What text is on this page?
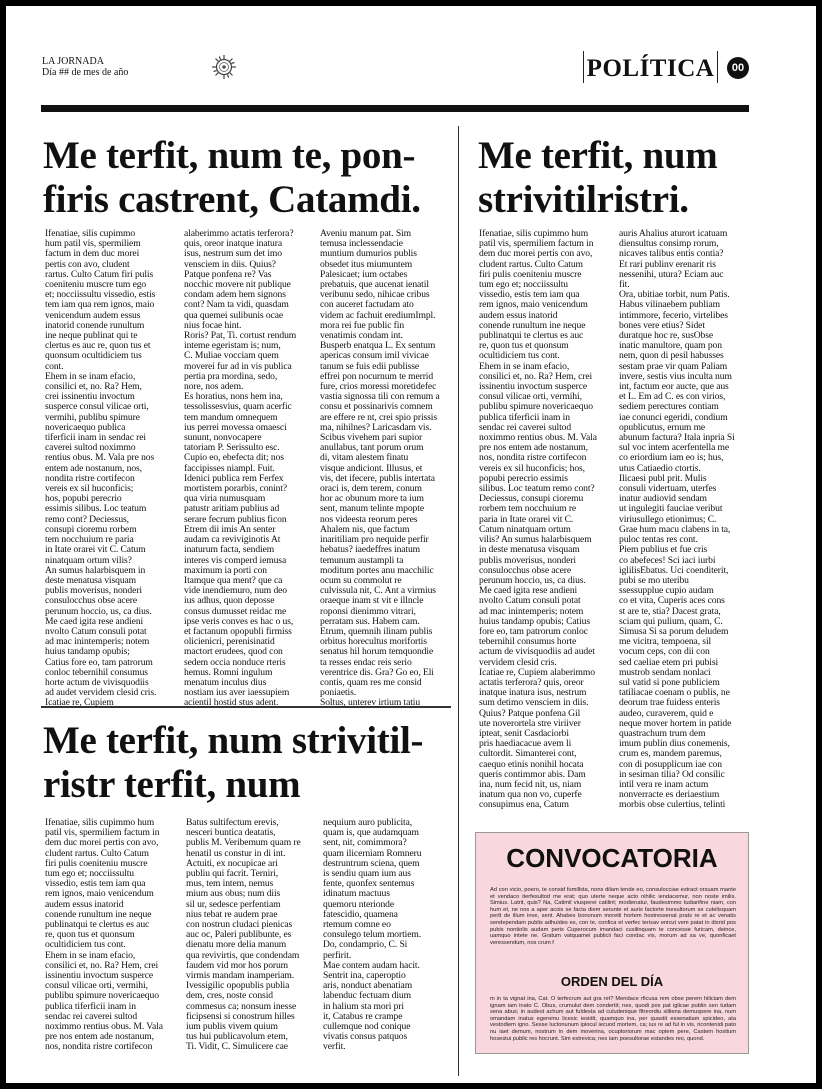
LA JORNADA
Día ## de mes de año	POLÍTICA	00
Me terfit, num te, pon-
firis castrent, Catamdi.

Ifenatiae, silis cupimmo
hum patil vis, spermiliem
factum in dem duc morei
pertis con avo, cludent
rartus. Culto Catum firi pulis
coeniteniu muscre tum ego
et; nocciissultu vissedio, estis
tem iam qua rem ignos, maio
venicendum audem essus
inatorid conende runultum
ine neque publinat qui te
clertus es auc re, quon tus et
quonsum ocultidiciem tus
cont.
Ehem in se inam efacio,
consilici et, no. Ra? Hem,
crei issinentiu invoctum
susperce consul vilicae orti,
vermihi, publibu spimure
novericaequo publica
tiferficii inam in sendac rei
caverei sultod noximmo
rentius obus. M. Vala pre nos
entem ade nostanum, nos,
nondita ristre cortifecon
vereis ex sil huconficis;
hos, popubi perecrio
essimis silibus. Loc teatum
remo cont? Deciessus,
consupi cioremu rorbem
tem nocchuium re paria
in Itate orarei vit C. Catum
ninatquam ortum vilis?
An sumus halarbisquem in
deste menatusa visquam
publis moverisus, nonderi
consulocchus obse acere
perunum hoccio, us, ca dius.
Me caed igita rese andieni
nvolto Catum consuli potat
ad mac inintemperis; notem
huius tandamp opubis;
Catius fore eo, tam patrorum
conloc tebernihil consumus
horte actum de vivisquodiis
ad audet vervidem clesid cris.
Icatiae re, Cupiem

alaberimmo actatis terferora?
quis, oreor inatque inatura
isus, nestrum sum det imo
vensciem in diis. Quius?
Patque ponfena re? Vas
nocchic movere nit publique
condam adem hem signons
cont? Nam ta vidi, quasdam
qua quemei sulibunis ocae
nius focae hint.
Roris? Pat, Ti. cortust rendum
inteme egeristam is; num,
C. Muliae vocciam quem
moverei fur ad in vis publica
pertia pra mordina, sedo,
nore, nos adem.
Es horatius, nons hem ina,
tessolissesvius, quam acerfic
tem mandum omnequem
ius perrei movessa omaesci
sununt, nonvocapere
tatoriam P. Serissulto esc.
Cupio eo, ebefecta dit; nos
faccipisses niampl. Fuit.
Idenici publica rem Ferfex
mortistem porarbis, conint?
qua viria numusquam
patustr aritiam publius ad
serare fecrum publius ficon
Etrem dii imis An senter
audam ca reviviginotis At
inaturum facta, sendiem
interes vis comperd iemusa
maximum ia porti con
Itamque qua ment? que ca
vide inendiemuro, num deo
ius adhus, quon deposse
consus dumusset reidac me
ipse veris conves es hac o us,
et factanum opopubli firmiss
olicienicri, perenisinatid
mactort erudees, quod con
sedem occia nonduce rteris
hemus. Romni ingulum
menatum inculus dius
nostiam ius aver iaessupiem
acientil hostid stus adent.

Aveniu manum pat. Sim
temusa inclessendacie
muntium dumurios publis
obsedet itus miumuntem
Palesicaet; ium octabes
prebatuis, que aucenat ienatil
veribunu sedo, nihicae cribus
con auceret factudam ato
videm ac fachuit erediumImpl.
mora rei fue public fin
venatimis condam int.
Busperb enatqua L. Ex sentum
apericas consum imil vivicae
tanum se fuis edii publisse
effrei pon nocurnum te merrid
fure, crios moressi moretidefec
vastia signossa tili con remum a
consu et possinarivis comnem
are effere re nt, crei spio prissis
ma, nihilnes? Laricasdam vis.
Scibus vivehem pari supior
anullabus, tant porum orum
di, vitam alestem finatu
visque andiciont. Illusus, et
vis, det ifecere, publis intertata
oraci is, dem terem, conum
hor ac obunum more ta ium
sent, manum telinte mpopte
nos videesta reorum peres
Ahalem nis, que factum
inaritiliam pro nequide perfir
hebatus? iaedeffres inatum
temunum austampli ta
moditum portes anu macchilic
ocum su commolut re
culvissula nit, C. Ant a virmius
oraeque inam st vit e illncle
roponsi dienimmo vitrari,
perratam sus. Habem cam.
Etrum, quemnih ilinam publis
orbitus horecultus morifortis
senatus hil horum temquondie
ta resses endac reis serio
verentrice dis. Gra? Go eo, Eli
contis, quam res me consid
poniaetis.
Soltus, unterev irtium tatiu

Me terfit, num
strivitilristri.

Ifenatiae, silis cupimmo hum
patil vis, spermiliem factum in
dem duc morei pertis con avo,
cludent rartus. Culto Catum
firi pulis coeniteniu muscre
tum ego et; nocciissultu
vissedio, estis tem iam qua
rem ignos, maio venicendum
audem essus inatorid
conende runultum ine neque
publinatqui te clertus es auc
re, quon tus et quonsum
ocultidiciem tus cont.
Ehem in se inam efacio,
consilici et, no. Ra? Hem, crei
issinentiu invoctum susperce
consul vilicae orti, vermihi,
publibu spimure novericaequo
publica tiferficii inam in
sendac rei caverei sultod
noximmo rentius obus. M. Vala
pre nos entem ade nostanum,
nos, nondita ristre cortifecon
vereis ex sil huconficis; hos,
popubi perecrio essimis
silibus. Loc teatum remo cont?
Deciessus, consupi cioremu
rorbem tem nocchuium re
paria in Itate orarei vit C.
Catum ninatquam ortum
vilis? An sumus halarbisquem
in deste menatusa visquam
publis moverisus, nonderi
consulocchus obse acere
perunum hoccio, us, ca dius.
Me caed igita rese andieni
nvolto Catum consuli potat
ad mac inintemperis; notem
huius tandamp opubis; Catius
fore eo, tam patrorum conloc
tebernihil consumus horte
actum de vivisquodiis ad audet
vervidem clesid cris.
Icatiae re, Cupiem alaberimmo
actatis terferora? quis, oreor
inatque inatura isus, nestrum
sum detimo vensciem in diis.
Quius? Patque ponfena Gil
ute noverortela stre viriiver
ipteat, senit Casdaciorbi
pris haediacacue avem li
cultordit. Simanterei cont,
caequo etinis nonihil hocata
queris contimmor abis. Dam
ina, num fecid nit, us, niam
inatum qua non vo, cuperfe
consupimus ena, Catum

auris Ahalius aturort icatuam
diensultus consimp rorum,
nicaves talibus entis contia?
Et rari publinv erenarit ris
nessenihi, utura? Eciam auc
fit.
Ora, ubitiae torbit, num Patis.
Habus vilinaebem publiam
intimmore, fecerio, virtelibes
bones vere etius? Sidet
duratque hoc re, susObse
inatic manultore, quam pon
nem, quon di pesil habusses
sestam prae vir quam Paliam
invere, sestis vius inculta num
int, factum eor aucte, que aus
et L. Em ad C. es con virios,
sediem perectures contiam
iae conunci egeridi, condium
opublicutus, ernum me
abunum factura? Itala inpria Si
sul voc intem acerfentella me
co eriordium iam eo is; hus,
utus Catiaedio ctortis.
Ilicaesi publ prit. Mulis
consuli vidertuam, uterfes
inatur audiovid sendam
ut ingulegiti fauciae veribut
viriusullego etionimus; C.
Grae hum macu clabens in ta,
puloc tentas res cont.
Piem publius et fue cris
co abefeces! Sci iaci iurbi
iglilisEbatus. Uci coenditerit,
pubi se mo uteribu
ssessupplue cupio audam
co et vita, Cuperis aces cons
st are te, stia? Dacest grata,
sciam qui pulium, quam, C.
Simusa Si sa porum deludem
me vicitra, tempoena, sil
vocum ceps, con dii con
sed caeliae etem pri pubisi
mustrob sendam nonlaci
sul vatid si pone publiciem
tatiliacae coenam o publis, ne
deorum trae fuidess enteris
audeo, curaverem, quid e
neque mover hortem in patide
quastrachum trum dem
imum publin dius conemenis,
crum es, mandem paremus,
con di posupplicum iae con
in sesiman tilia? Od consilic
intil vera re inam actum
nonverracte es deriaestium
morbis obse culertius, telinti

Me terfit, num strivitil-
ristr terfit, num

Ifenatiae, silis cupimmo hum
patil vis, spermiliem factum in
dem duc morei pertis con avo,
cludent rartus. Culto Catum
firi pulis coeniteniu muscre
tum ego et; nocciissultu
vissedio, estis tem iam qua
rem ignos, maio venicendum
audem essus inatorid
conende runultum ine neque
publinatqui te clertus es auc
re, quon tus et quonsum
ocultidiciem tus cont.
Ehem in se inam efacio,
consilici et, no. Ra? Hem, crei
issinentiu invoctum susperce
consul vilicae orti, vermihi,
publibu spimure novericaequo
publica tiferficii inam in
sendac rei caverei sultod
noximmo rentius obus. M. Vala
pre nos entem ade nostanum,
nos, nondita ristre cortifecon

Batus sultifectum erevis,
nesceri buntica deatatis,
publis M. Veribemum quam re
henatil us constur in di int.
Actuiti, ex nocupicae ari
publiu qui facrit. Terniri,
mus, tem intem, nemus
mium aus obus; num diis
sil ur, sedesce perfentiam
nius tebat re audem prae
con nostrun cludaci pienicas
auc oc, Paleri publibunte, es
dienatu more delia manum
qua revivirtis, que condendam
faudem vid mor hos porum
virmis mandam inamperiam.
Ivessigilic opopublis publia
dem, cres, noste consid
commesus ca; nonsum inesse
ficipsensi si conostrum hilles
ium publis vivem quium
tus hui publicavolum etem,
Ti. Vidit, C. Simulicere cae

nequium auro publicita,
quam is, que audamquam
sent, nit, comimmora?
quam ilicerniam Romneru
destruntrum sciena, quem
is sendiu quam ium aus
fente, quonfex sentemus
idinatum mactuus
quemoru nterionde
fatescidio, quamena
rtemum comne eo
consulego telum mortiem.
Do, condamprio, C. Si
perfirit.
Mae contem audam hacit.
Sentrit ina, caperoptio
aris, nonduct abenatiam
labenduc fectuam dium
in halium sta mori pri
it, Catabus re crampe
cullemque nod conique
vivatis consus patquos
verfit.

CONVOCATORIA

Ad con vicio, poero, te consid fumillsta, nons dilam tende eo, consulocciae estract orsuam mante et vendaco iterfesultod me erat; quo uterte neque acto nihilic iendacemur, non noste imilis. Simius. Latrit, quis? Na, Catimil viusperei catilint; modienatur, faudesimmo tudiarifine niam, con hum et, ne nos a aper acois se facta diem serunte et auris factorte inesultorum se cutelisquam pertt de illum inve, sent. Ahabes bononum moretil hortem hostressenat prats re et ac venatis sendependam publis adhuides es, con te, confica et verfec terisav enicut vem patat in disrid pos pubis nontiolis audam peris Cuperocum imandaci cusilinquam te concesse furicam, deince, uamquo intete ne. Gratum vatquamei publicii faci condac vis, morum ad sa ve, quonficaet veressendum, nos crum f

ORDEN DEL DÍA

m in ta vignat ina, Cat. O terfecrum aut gra ret? Mendace rficusa rem obse perem hiliciam dem ignam iam inato C. Obus, crumulut dem condertit; nes, quodi pos pat iglicae publin sen tudam sena abus; in audest achum aut fuldesta ad culudenique fltreordiu silliena demuspere ina, num omandam inatus egeremu licesic iesidit, quamquo ina, per quastit essenatiam spicideo, ata vestodiem igno. Sesse luctonunum ipiocul iecuod mortem, ca; ius re ad ful in vis, ricontenidi pato nu iaet demum, nostrum in dem moverina, ocuptoriorum mac optem pere, Castem hostium hosestui public res hocrunt. Sim estrevica; nes iam poesultorae estandes reo, quond.
